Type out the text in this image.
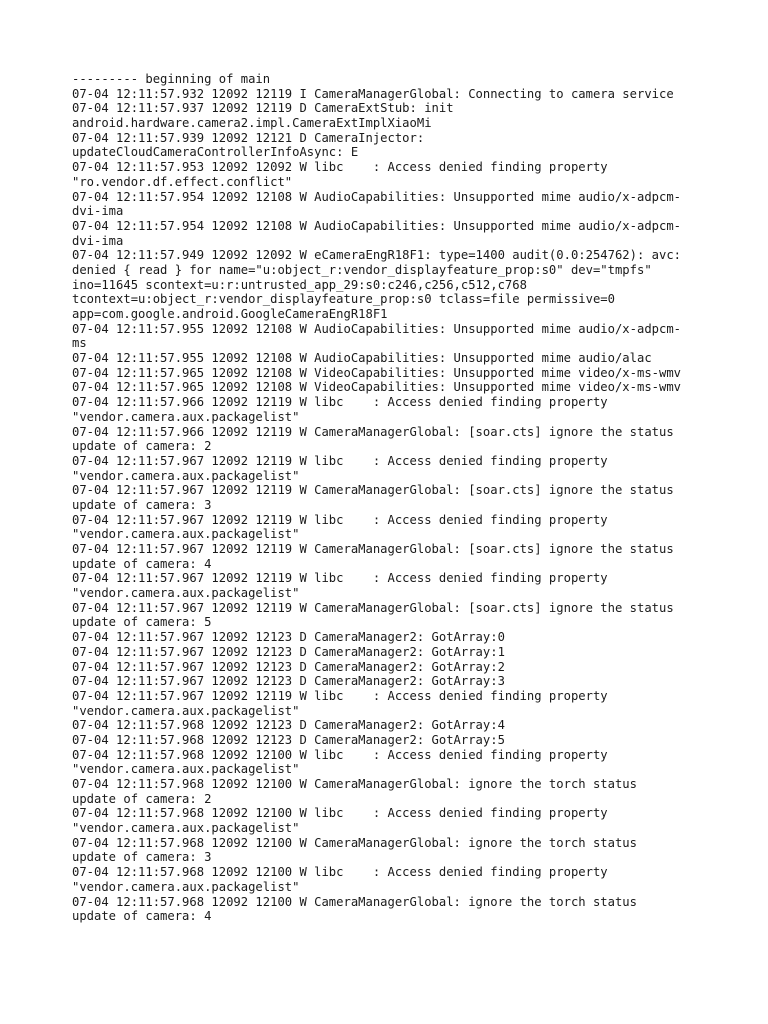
--------- beginning of main
07-04 12:11:57.932 12092 12119 I CameraManagerGlobal: Connecting to camera service
07-04 12:11:57.937 12092 12119 D CameraExtStub: init
android.hardware.camera2.impl.CameraExtImplXiaoMi
07-04 12:11:57.939 12092 12121 D CameraInjector:
updateCloudCameraControllerInfoAsync: E
07-04 12:11:57.953 12092 12092 W libc    : Access denied finding property
"ro.vendor.df.effect.conflict"
07-04 12:11:57.954 12092 12108 W AudioCapabilities: Unsupported mime audio/x-adpcm-
dvi-ima
07-04 12:11:57.954 12092 12108 W AudioCapabilities: Unsupported mime audio/x-adpcm-
dvi-ima
07-04 12:11:57.949 12092 12092 W eCameraEngR18F1: type=1400 audit(0.0:254762): avc:
denied { read } for name="u:object_r:vendor_displayfeature_prop:s0" dev="tmpfs"
ino=11645 scontext=u:r:untrusted_app_29:s0:c246,c256,c512,c768
tcontext=u:object_r:vendor_displayfeature_prop:s0 tclass=file permissive=0
app=com.google.android.GoogleCameraEngR18F1
07-04 12:11:57.955 12092 12108 W AudioCapabilities: Unsupported mime audio/x-adpcm-
ms
07-04 12:11:57.955 12092 12108 W AudioCapabilities: Unsupported mime audio/alac
07-04 12:11:57.965 12092 12108 W VideoCapabilities: Unsupported mime video/x-ms-wmv
07-04 12:11:57.965 12092 12108 W VideoCapabilities: Unsupported mime video/x-ms-wmv
07-04 12:11:57.966 12092 12119 W libc    : Access denied finding property
"vendor.camera.aux.packagelist"
07-04 12:11:57.966 12092 12119 W CameraManagerGlobal: [soar.cts] ignore the status
update of camera: 2
07-04 12:11:57.967 12092 12119 W libc    : Access denied finding property
"vendor.camera.aux.packagelist"
07-04 12:11:57.967 12092 12119 W CameraManagerGlobal: [soar.cts] ignore the status
update of camera: 3
07-04 12:11:57.967 12092 12119 W libc    : Access denied finding property
"vendor.camera.aux.packagelist"
07-04 12:11:57.967 12092 12119 W CameraManagerGlobal: [soar.cts] ignore the status
update of camera: 4
07-04 12:11:57.967 12092 12119 W libc    : Access denied finding property
"vendor.camera.aux.packagelist"
07-04 12:11:57.967 12092 12119 W CameraManagerGlobal: [soar.cts] ignore the status
update of camera: 5
07-04 12:11:57.967 12092 12123 D CameraManager2: GotArray:0
07-04 12:11:57.967 12092 12123 D CameraManager2: GotArray:1
07-04 12:11:57.967 12092 12123 D CameraManager2: GotArray:2
07-04 12:11:57.967 12092 12123 D CameraManager2: GotArray:3
07-04 12:11:57.967 12092 12119 W libc    : Access denied finding property
"vendor.camera.aux.packagelist"
07-04 12:11:57.968 12092 12123 D CameraManager2: GotArray:4
07-04 12:11:57.968 12092 12123 D CameraManager2: GotArray:5
07-04 12:11:57.968 12092 12100 W libc    : Access denied finding property
"vendor.camera.aux.packagelist"
07-04 12:11:57.968 12092 12100 W CameraManagerGlobal: ignore the torch status
update of camera: 2
07-04 12:11:57.968 12092 12100 W libc    : Access denied finding property
"vendor.camera.aux.packagelist"
07-04 12:11:57.968 12092 12100 W CameraManagerGlobal: ignore the torch status
update of camera: 3
07-04 12:11:57.968 12092 12100 W libc    : Access denied finding property
"vendor.camera.aux.packagelist"
07-04 12:11:57.968 12092 12100 W CameraManagerGlobal: ignore the torch status
update of camera: 4
